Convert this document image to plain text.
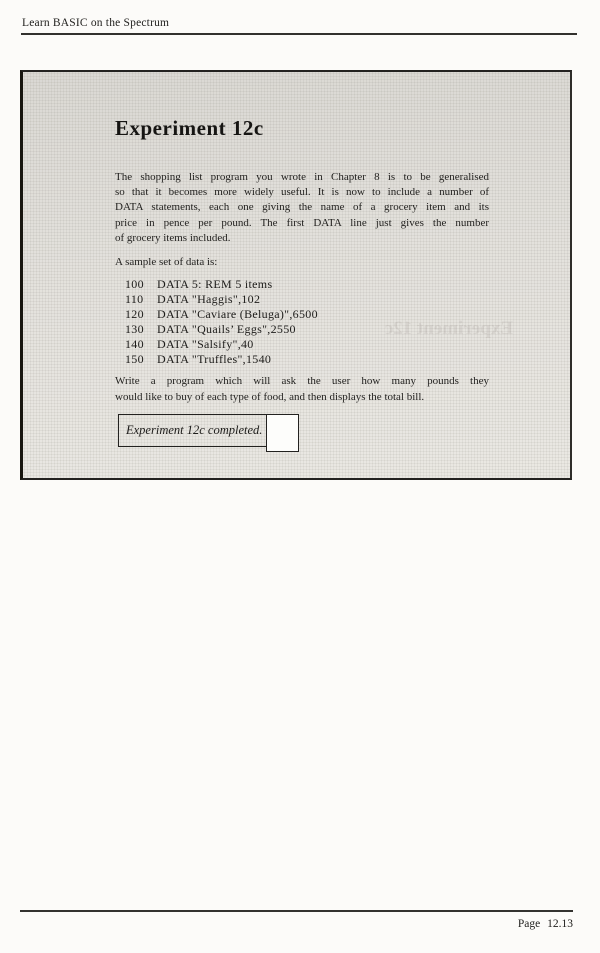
Learn BASIC on the Spectrum
Experiment 12c
Experiment 12c
The shopping list program you wrote in Chapter 8 is to be generalised
so that it becomes more widely useful. It is now to include a number of
DATA statements, each one giving the name of a grocery item and its
price in pence per pound. The first DATA line just gives the number
of grocery items included.
A sample set of data is:
100 DATA 5: REM 5 items
110 DATA "Haggis",102
120 DATA "Caviare (Beluga)",6500
130 DATA "Quails’ Eggs",2550
140 DATA "Salsify",40
150 DATA "Truffles",1540
Write a program which will ask the user how many pounds they
would like to buy of each type of food, and then displays the total bill.
Experiment 12c completed.
Page 12.13
